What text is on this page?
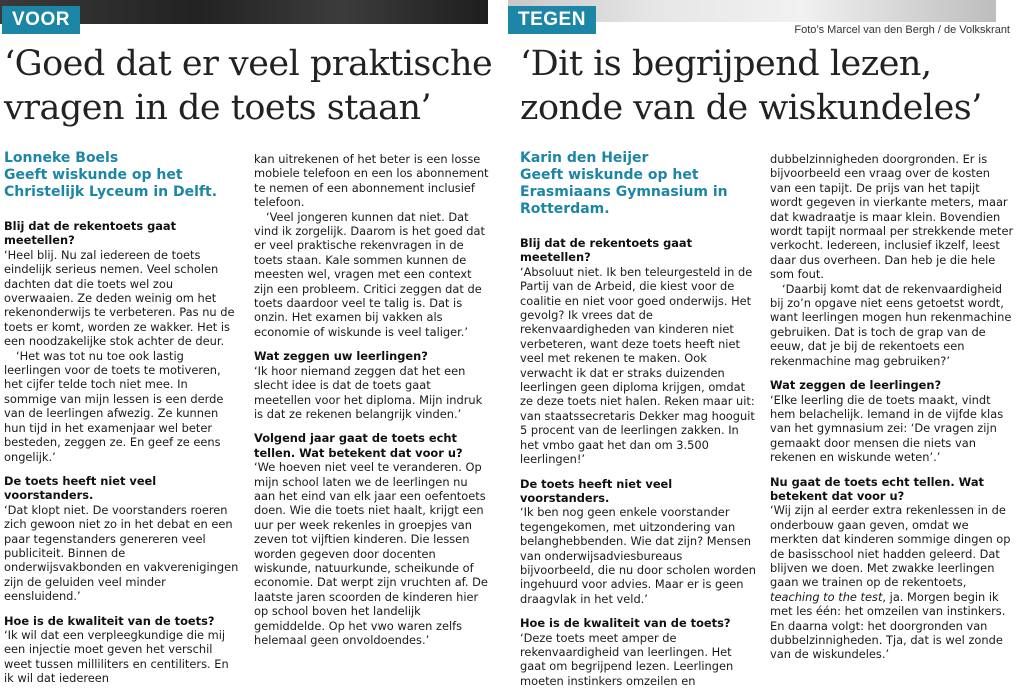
VOOR
‘Goed dat er veel praktische
vragen in de toets staan’

Lonneke Boels

Geeft wiskunde op het Christelijk Lyceum in Delft.

Blij dat de rekentoets gaat meetellen?

‘Heel blij. Nu zal iedereen de toets eindelijk serieus nemen. Veel scholen dachten dat die toets wel zou overwaaien. Ze deden weinig om het rekenonderwijs te verbeteren. Pas nu de toets er komt, worden ze wakker. Het is een noodzakelijke stok achter de deur.

‘Het was tot nu toe ook lastig leerlingen voor de toets te motiveren, het cijfer telde toch niet mee. In sommige van mijn lessen is een derde van de leerlingen afwezig. Ze kunnen hun tijd in het examenjaar wel beter besteden, zeggen ze. En geef ze eens ongelijk.’

De toets heeft niet veel voorstanders.

‘Dat klopt niet. De voorstanders roeren zich gewoon niet zo in het debat en een paar tegenstanders genereren veel publiciteit. Binnen de onderwijsvakbonden en vakverenigingen zijn de geluiden veel minder eensluidend.’

Hoe is de kwaliteit van de toets?

‘Ik wil dat een verpleegkundige die mij een injectie moet geven het verschil weet tussen milliliters en centiliters. En ik wil dat iedereen

kan uitrekenen of het beter is een losse mobiele telefoon en een los abonnement te nemen of een abonnement inclusief telefoon.

‘Veel jongeren kunnen dat niet. Dat vind ik zorgelijk. Daarom is het goed dat er veel praktische rekenvragen in de toets staan. Kale sommen kunnen de meesten wel, vragen met een context zijn een probleem. Critici zeggen dat de toets daardoor veel te talig is. Dat is onzin. Het examen bij vakken als economie of wiskunde is veel taliger.’

Wat zeggen uw leerlingen?

‘Ik hoor niemand zeggen dat het een slecht idee is dat de toets gaat meetellen voor het diploma. Mijn indruk is dat ze rekenen belangrijk vinden.’

Volgend jaar gaat de toets echt tellen. Wat betekent dat voor u?

‘We hoeven niet veel te veranderen. Op mijn school laten we de leerlingen nu aan het eind van elk jaar een oefentoets doen. Wie die toets niet haalt, krijgt een uur per week rekenles in groepjes van zeven tot vijftien kinderen. Die lessen worden gegeven door docenten wiskunde, natuurkunde, scheikunde of economie. Dat werpt zijn vruchten af. De laatste jaren scoorden de kinderen hier op school boven het landelijk gemiddelde. Op het vwo waren zelfs helemaal geen onvoldoendes.’

TEGEN	Foto’s Marcel van den Bergh / de Volkskrant
‘Dit is begrijpend lezen,
zonde van de wiskundeles’

Karin den Heijer

Geeft wiskunde op het Erasmiaans Gymnasium in Rotterdam.

Blij dat de rekentoets gaat meetellen?

‘Absoluut niet. Ik ben teleurgesteld in de Partij van de Arbeid, die kiest voor de coalitie en niet voor goed onderwijs. Het gevolg? Ik vrees dat de rekenvaardigheden van kinderen niet verbeteren, want deze toets heeft niet veel met rekenen te maken. Ook verwacht ik dat er straks duizenden leerlingen geen diploma krijgen, omdat ze deze toets niet halen. Reken maar uit: van staatssecretaris Dekker mag hooguit 5 procent van de leerlingen zakken. In het vmbo gaat het dan om 3.500 leerlingen!’

De toets heeft niet veel voorstanders.

‘Ik ben nog geen enkele voorstander tegengekomen, met uitzondering van belanghebbenden. Wie dat zijn? Mensen van onderwijsadviesbureaus bijvoorbeeld, die nu door scholen worden ingehuurd voor advies. Maar er is geen draagvlak in het veld.’

Hoe is de kwaliteit van de toets?

‘Deze toets meet amper de rekenvaardigheid van leerlingen. Het gaat om begrijpend lezen. Leerlingen moeten instinkers omzeilen en

dubbelzinnigheden doorgronden. Er is bijvoorbeeld een vraag over de kosten van een tapijt. De prijs van het tapijt wordt gegeven in vierkante meters, maar dat kwadraatje is maar klein. Bovendien wordt tapijt normaal per strekkende meter verkocht. Iedereen, inclusief ikzelf, leest daar dus overheen. Dan heb je die hele som fout.

‘Daarbij komt dat de rekenvaardigheid bij zo’n opgave niet eens getoetst wordt, want leerlingen mogen hun rekenmachine gebruiken. Dat is toch de grap van de eeuw, dat je bij de rekentoets een rekenmachine mag gebruiken?’

Wat zeggen de leerlingen?

‘Elke leerling die de toets maakt, vindt hem belachelijk. Iemand in de vijfde klas van het gymnasium zei: ‘De vragen zijn gemaakt door mensen die niets van rekenen en wiskunde weten’.’

Nu gaat de toets echt tellen. Wat betekent dat voor u?

‘Wij zijn al eerder extra rekenlessen in de onderbouw gaan geven, omdat we merkten dat kinderen sommige dingen op de basisschool niet hadden geleerd. Dat blijven we doen. Met zwakke leerlingen gaan we trainen op de rekentoets, teaching to the test, ja. Morgen begin ik met les één: het omzeilen van instinkers. En daarna volgt: het doorgronden van dubbelzinnigheden. Tja, dat is wel zonde van de wiskundeles.’
